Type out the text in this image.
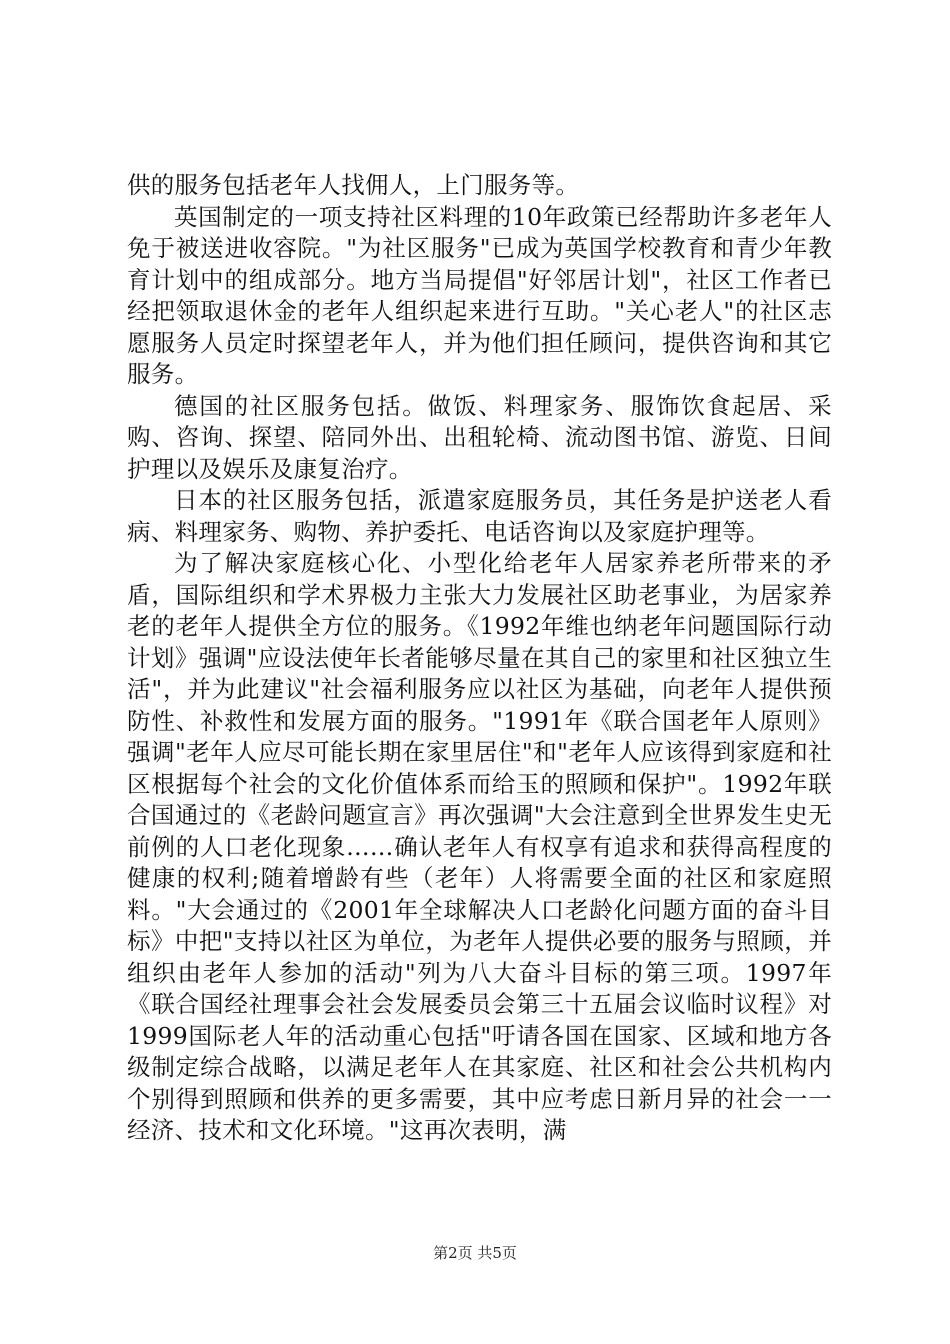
供的服务包括老年人找佣人，上门服务等。

英国制定的一项支持社区料理的10年政策已经帮助许多老年人免于被送进收容院。"为社区服务"已成为英国学校教育和青少年教育计划中的组成部分。地方当局提倡"好邻居计划"，社区工作者已经把领取退休金的老年人组织起来进行互助。"关心老人"的社区志愿服务人员定时探望老年人，并为他们担任顾问，提供咨询和其它服务。

德国的社区服务包括。做饭、料理家务、服饰饮食起居、采购、咨询、探望、陪同外出、出租轮椅、流动图书馆、游览、日间护理以及娱乐及康复治疗。

日本的社区服务包括，派遣家庭服务员，其任务是护送老人看病、料理家务、购物、养护委托、电话咨询以及家庭护理等。

为了解决家庭核心化、小型化给老年人居家养老所带来的矛盾，国际组织和学术界极力主张大力发展社区助老事业，为居家养老的老年人提供全方位的服务。《1992年维也纳老年问题国际行动计划》强调"应设法使年长者能够尽量在其自己的家里和社区独立生活"，并为此建议"社会福利服务应以社区为基础，向老年人提供预防性、补救性和发展方面的服务。"1991年《联合国老年人原则》强调"老年人应尽可能长期在家里居住"和"老年人应该得到家庭和社区根据每个社会的文化价值体系而给玉的照顾和保护"。1992年联合国通过的《老龄问题宣言》再次强调"大会注意到全世界发生史无前例的人口老化现象……确认老年人有权享有追求和获得高程度的健康的权利;随着增龄有些（老年）人将需要全面的社区和家庭照料。"大会通过的《2001年全球解决人口老龄化问题方面的奋斗目标》中把"支持以社区为单位，为老年人提供必要的服务与照顾，并组织由老年人参加的活动"列为八大奋斗目标的第三项。1997年《联合国经社理事会社会发展委员会第三十五届会议临时议程》对1999国际老人年的活动重心包括"吁请各国在国家、区域和地方各级制定综合战略，以满足老年人在其家庭、社区和社会公共机构内个别得到照顾和供养的更多需要，其中应考虑日新月异的社会一一经济、技术和文化环境。"这再次表明，满

第2页 共5页
